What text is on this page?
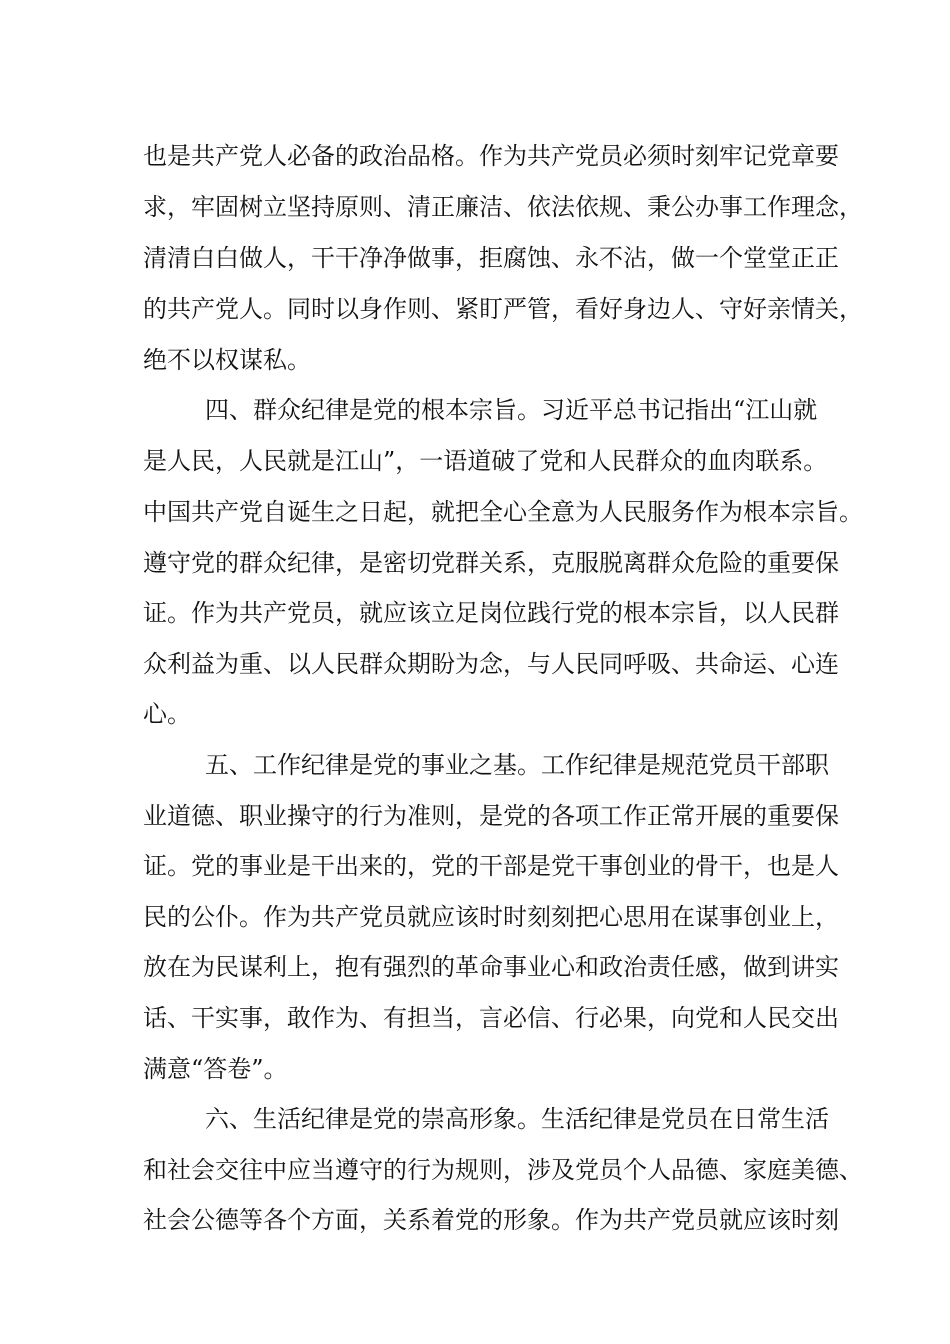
也是共产党人必备的政治品格。作为共产党员必须时刻牢记党章要
求，牢固树立坚持原则、清正廉洁、依法依规、秉公办事工作理念，
清清白白做人，干干净净做事，拒腐蚀、永不沾，做一个堂堂正正
的共产党人。同时以身作则、紧盯严管，看好身边人、守好亲情关，
绝不以权谋私。
四、群众纪律是党的根本宗旨。习近平总书记指出“江山就
是人民，人民就是江山”，一语道破了党和人民群众的血肉联系。
中国共产党自诞生之日起，就把全心全意为人民服务作为根本宗旨。
遵守党的群众纪律，是密切党群关系，克服脱离群众危险的重要保
证。作为共产党员，就应该立足岗位践行党的根本宗旨，以人民群
众利益为重、以人民群众期盼为念，与人民同呼吸、共命运、心连
心。
五、工作纪律是党的事业之基。工作纪律是规范党员干部职
业道德、职业操守的行为准则，是党的各项工作正常开展的重要保
证。党的事业是干出来的，党的干部是党干事创业的骨干，也是人
民的公仆。作为共产党员就应该时时刻刻把心思用在谋事创业上，
放在为民谋利上，抱有强烈的革命事业心和政治责任感，做到讲实
话、干实事，敢作为、有担当，言必信、行必果，向党和人民交出
满意“答卷”。
六、生活纪律是党的崇高形象。生活纪律是党员在日常生活
和社会交往中应当遵守的行为规则，涉及党员个人品德、家庭美德、
社会公德等各个方面，关系着党的形象。作为共产党员就应该时刻
